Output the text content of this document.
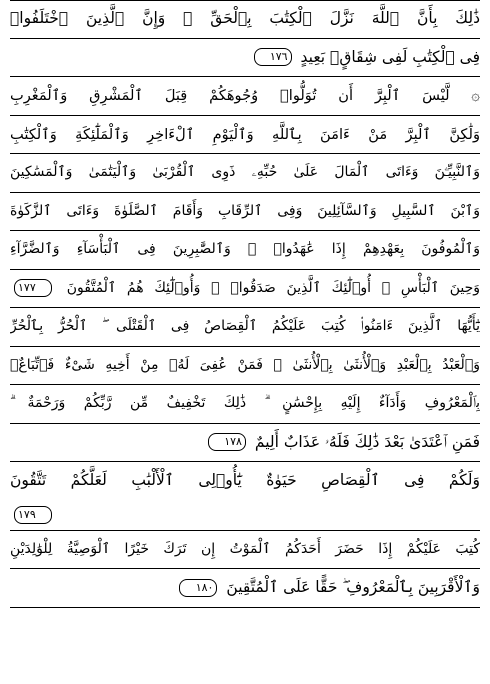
ذَٰلِكَ بِأَنَّ ٱللَّهَ نَزَّلَ ٱلْكِتَٰبَ بِٱلْحَقِّ ۗ وَإِنَّ ٱلَّذِينَ ٱخْتَلَفُوا۟
فِى ٱلْكِتَٰبِ لَفِى شِقَاقٍۭ بَعِيدٍ ١٧٦
۞ لَّيْسَ ٱلْبِرَّ أَن تُوَلُّوا۟ وُجُوهَكُمْ قِبَلَ ٱلْمَشْرِقِ وَٱلْمَغْرِبِ
وَلَٰكِنَّ ٱلْبِرَّ مَنْ ءَامَنَ بِٱللَّهِ وَٱلْيَوْمِ ٱلْءَاخِرِ وَٱلْمَلَٰٓئِكَةِ وَٱلْكِتَٰبِ
وَٱلنَّبِيِّـۧنَ وَءَاتَى ٱلْمَالَ عَلَىٰ حُبِّهِۦ ذَوِى ٱلْقُرْبَىٰ وَٱلْيَتَٰمَىٰ وَٱلْمَسَٰكِينَ
وَٱبْنَ ٱلسَّبِيلِ وَٱلسَّآئِلِينَ وَفِى ٱلرِّقَابِ وَأَقَامَ ٱلصَّلَوٰةَ وَءَاتَى ٱلزَّكَوٰةَ
وَٱلْمُوفُونَ بِعَهْدِهِمْ إِذَا عَٰهَدُوا۟ ۖ وَٱلصَّٰبِرِينَ فِى ٱلْبَأْسَآءِ وَٱلضَّرَّآءِ
وَحِينَ ٱلْبَأْسِ ۗ أُو۟لَٰٓئِكَ ٱلَّذِينَ صَدَقُوا۟ ۖ وَأُو۟لَٰٓئِكَ هُمُ ٱلْمُتَّقُونَ ١٧٧
يَٰٓأَيُّهَا ٱلَّذِينَ ءَامَنُوا۟ كُتِبَ عَلَيْكُمُ ٱلْقِصَاصُ فِى ٱلْقَتْلَى ۖ ٱلْحُرُّ بِٱلْحُرِّ
وَٱلْعَبْدُ بِٱلْعَبْدِ وَٱلْأُنثَىٰ بِٱلْأُنثَىٰ ۚ فَمَنْ عُفِىَ لَهُۥ مِنْ أَخِيهِ شَىْءٌ فَٱتِّبَاعٌۢ
بِٱلْمَعْرُوفِ وَأَدَآءٌ إِلَيْهِ بِإِحْسَٰنٍ ۗ ذَٰلِكَ تَخْفِيفٌ مِّن رَّبِّكُمْ وَرَحْمَةٌ ۗ
فَمَنِ ٱعْتَدَىٰ بَعْدَ ذَٰلِكَ فَلَهُۥ عَذَابٌ أَلِيمٌ ١٧٨
وَلَكُمْ فِى ٱلْقِصَاصِ حَيَوٰةٌ يَٰٓأُو۟لِى ٱلْأَلْبَٰبِ لَعَلَّكُمْ تَتَّقُونَ
١٧٩
كُتِبَ عَلَيْكُمْ إِذَا حَضَرَ أَحَدَكُمُ ٱلْمَوْتُ إِن تَرَكَ خَيْرًا ٱلْوَصِيَّةُ لِلْوَٰلِدَيْنِ
وَٱلْأَقْرَبِينَ بِٱلْمَعْرُوفِ ۖ حَقًّا عَلَى ٱلْمُتَّقِينَ ١٨٠
